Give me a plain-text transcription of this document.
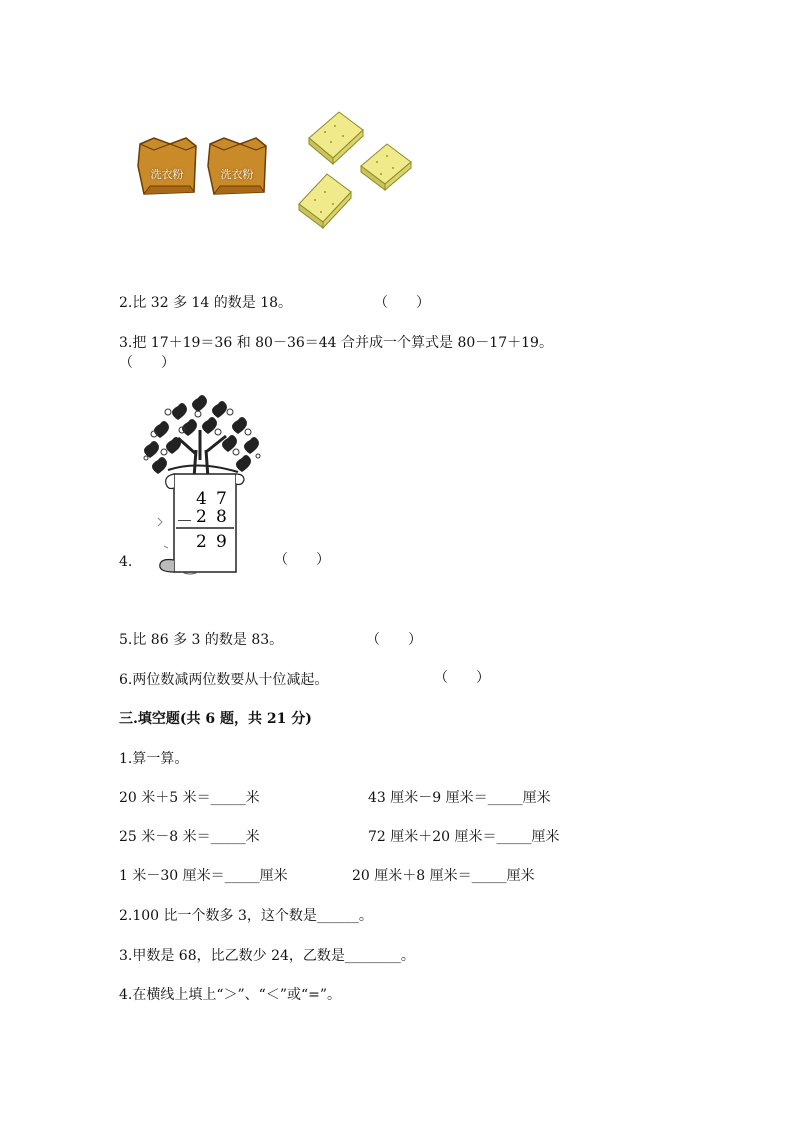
洗衣粉	洗衣粉
2.比 32 多 14 的数是 18。	（　　）
3.把 17＋19＝36 和 80－36＝44 合并成一个算式是 80－17＋19。
（　　）
4.
4 7
－ 2 8
2 9
（　　）
5.比 86 多 3 的数是 83。	（　　）
6.两位数减两位数要从十位减起。	（　　）
三.填空题(共 6 题，共 21 分)
1.算一算。
20 米＋5 米＝_____米	43 厘米－9 厘米＝_____厘米
25 米－8 米＝_____米	72 厘米＋20 厘米＝_____厘米
1 米－30 厘米＝_____厘米	20 厘米＋8 厘米＝_____厘米
2.100 比一个数多 3，这个数是______。
3.甲数是 68，比乙数少 24，乙数是________。
4.在横线上填上“＞”、“＜”或“=”。
